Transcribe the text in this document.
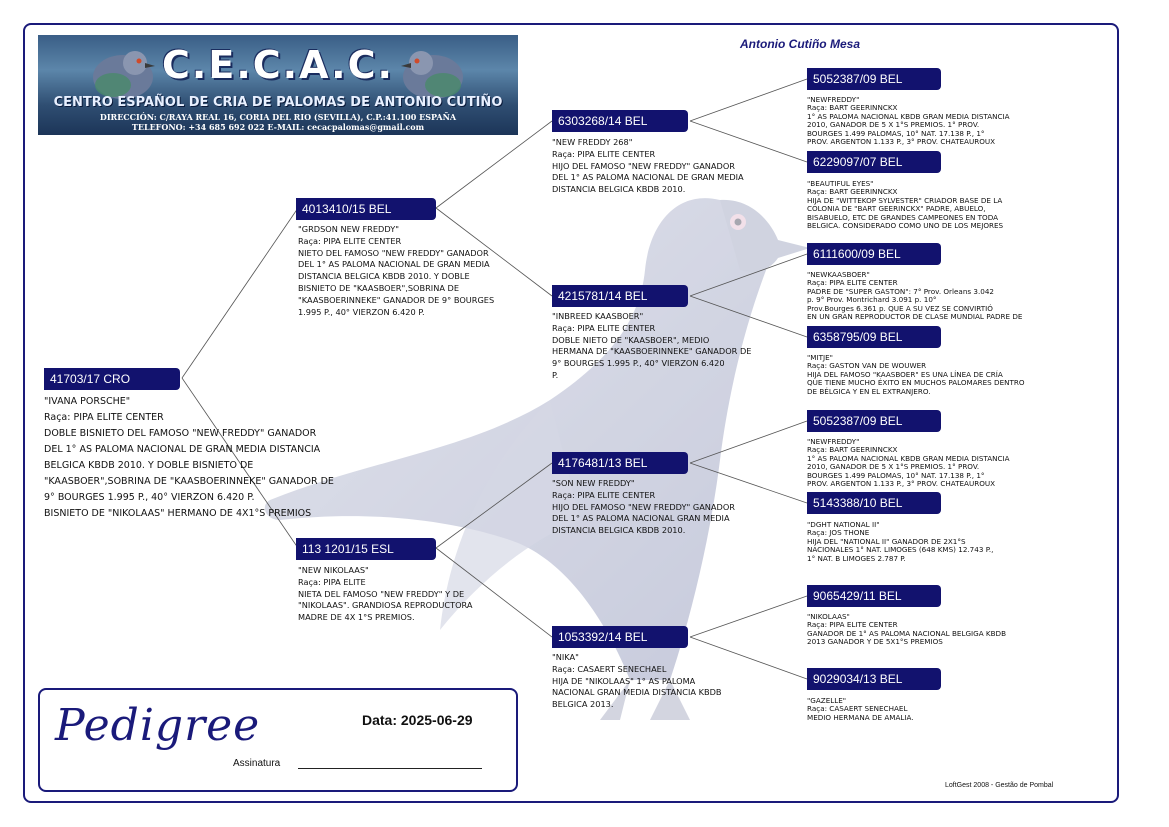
C.E.C.A.C.
CENTRO ESPAÑOL DE CRIA DE PALOMAS DE ANTONIO CUTIÑO
DIRECCIÓN: C/RAYA REAL 16, CORIA DEL RIO (SEVILLA), C.P.:41.100 ESPAÑA
TELEFONO: +34 685 692 022 E-MAIL: cecacpalomas@gmail.com
Antonio Cutiño Mesa
41703/17 CRO
"IVANA PORSCHE"
Raça: PIPA ELITE CENTER
DOBLE BISNIETO DEL FAMOSO "NEW FREDDY" GANADOR
DEL 1° AS PALOMA NACIONAL DE GRAN MEDIA DISTANCIA
BELGICA KBDB 2010. Y DOBLE BISNIETO DE
"KAASBOER",SOBRINA DE "KAASBOERINNEKE" GANADOR DE
9° BOURGES 1.995 P., 40° VIERZON 6.420 P.
BISNIETO DE "NIKOLAAS" HERMANO DE 4X1°S PREMIOS
4013410/15 BEL
"GRDSON NEW FREDDY"
Raça: PIPA ELITE CENTER
NIETO DEL FAMOSO "NEW FREDDY" GANADOR
DEL 1° AS PALOMA NACIONAL DE GRAN MEDIA
DISTANCIA BELGICA KBDB 2010. Y DOBLE
BISNIETO DE "KAASBOER",SOBRINA DE
"KAASBOERINNEKE" GANADOR DE 9° BOURGES
1.995 P., 40° VIERZON 6.420 P.
113 1201/15 ESL
"NEW NIKOLAAS"
Raça: PIPA ELITE
NIETA DEL FAMOSO "NEW FREDDY" Y DE
"NIKOLAAS". GRANDIOSA REPRODUCTORA
MADRE DE 4X 1°S PREMIOS.
6303268/14 BEL
"NEW FREDDY 268"
Raça: PIPA ELITE CENTER
HIJO DEL FAMOSO "NEW FREDDY" GANADOR
DEL 1° AS PALOMA NACIONAL DE GRAN MEDIA
DISTANCIA BELGICA KBDB 2010.
4215781/14 BEL
"INBREED KAASBOER"
Raça: PIPA ELITE CENTER
DOBLE NIETO DE "KAASBOER", MEDIO
HERMANA DE "KAASBOERINNEKE" GANADOR DE
9° BOURGES 1.995 P., 40° VIERZON 6.420
P.
4176481/13 BEL
"SON NEW FREDDY"
Raça: PIPA ELITE CENTER
HIJO DEL FAMOSO "NEW FREDDY" GANADOR
DEL 1° AS PALOMA NACIONAL GRAN MEDIA
DISTANCIA BELGICA KBDB 2010.
1053392/14 BEL
"NIKA"
Raça: CASAERT SENECHAEL
HIJA DE "NIKOLAAS" 1° AS PALOMA
NACIONAL GRAN MEDIA DISTANCIA KBDB
BELGICA 2013.
5052387/09 BEL
"NEWFREDDY"
Raça: BART GEERINNCKX
1° AS PALOMA NACIONAL KBDB GRAN MEDIA DISTANCIA
2010, GANADOR DE 5 X 1°S PREMIOS. 1° PROV.
BOURGES 1.499 PALOMAS, 10° NAT. 17.138 P., 1°
PROV. ARGENTON 1.133 P., 3° PROV. CHATEAUROUX
6229097/07 BEL
"BEAUTIFUL EYES"
Raça: BART GEERINNCKX
HIJA DE "WITTEKOP SYLVESTER" CRIADOR BASE DE LA
COLONIA DE "BART GEERINCKX" PADRE, ABUELO,
BISABUELO, ETC DE GRANDES CAMPEONES EN TODA
BELGICA. CONSIDERADO COMO UNO DE LOS MEJORES
6111600/09 BEL
"NEWKAASBOER"
Raça: PIPA ELITE CENTER
PADRE DE "SUPER GASTON": 7° Prov. Orleans 3.042
p. 9° Prov. Montrichard 3.091 p. 10°
Prov.Bourges 6.361 p. QUE A SU VEZ SE CONVIRTIÓ
EN UN GRAN REPRODUCTOR DE CLASE MUNDIAL PADRE DE
6358795/09 BEL
"MITJE"
Raça: GASTON VAN DE WOUWER
HIJA DEL FAMOSO "KAASBOER" ES UNA LÍNEA DE CRÍA
QUE TIENE MUCHO ÉXITO EN MUCHOS PALOMARES DENTRO
DE BÉLGICA Y EN EL EXTRANJERO.
5052387/09 BEL
"NEWFREDDY"
Raça: BART GEERINNCKX
1° AS PALOMA NACIONAL KBDB GRAN MEDIA DISTANCIA
2010, GANADOR DE 5 X 1°S PREMIOS. 1° PROV.
BOURGES 1.499 PALOMAS, 10° NAT. 17.138 P., 1°
PROV. ARGENTON 1.133 P., 3° PROV. CHATEAUROUX
5143388/10 BEL
"DGHT NATIONAL II"
Raça: JOS THONE
HIJA DEL "NATIONAL II" GANADOR DE 2X1°S
NACIONALES 1° NAT. LIMOGES (648 KMS) 12.743 P.,
1° NAT. B LIMOGES 2.787 P.
9065429/11 BEL
"NIKOLAAS"
Raça: PIPA ELITE CENTER
GANADOR DE 1° AS PALOMA NACIONAL BELGIGA KBDB
2013 GANADOR Y DE 5X1°S PREMIOS
9029034/13 BEL
"GAZELLE"
Raça: CASAERT SENECHAEL
MEDIO HERMANA DE AMALIA.
Pedigree	Data: 2025-06-29
Assinatura
LoftGest 2008 - Gestão de Pombal
